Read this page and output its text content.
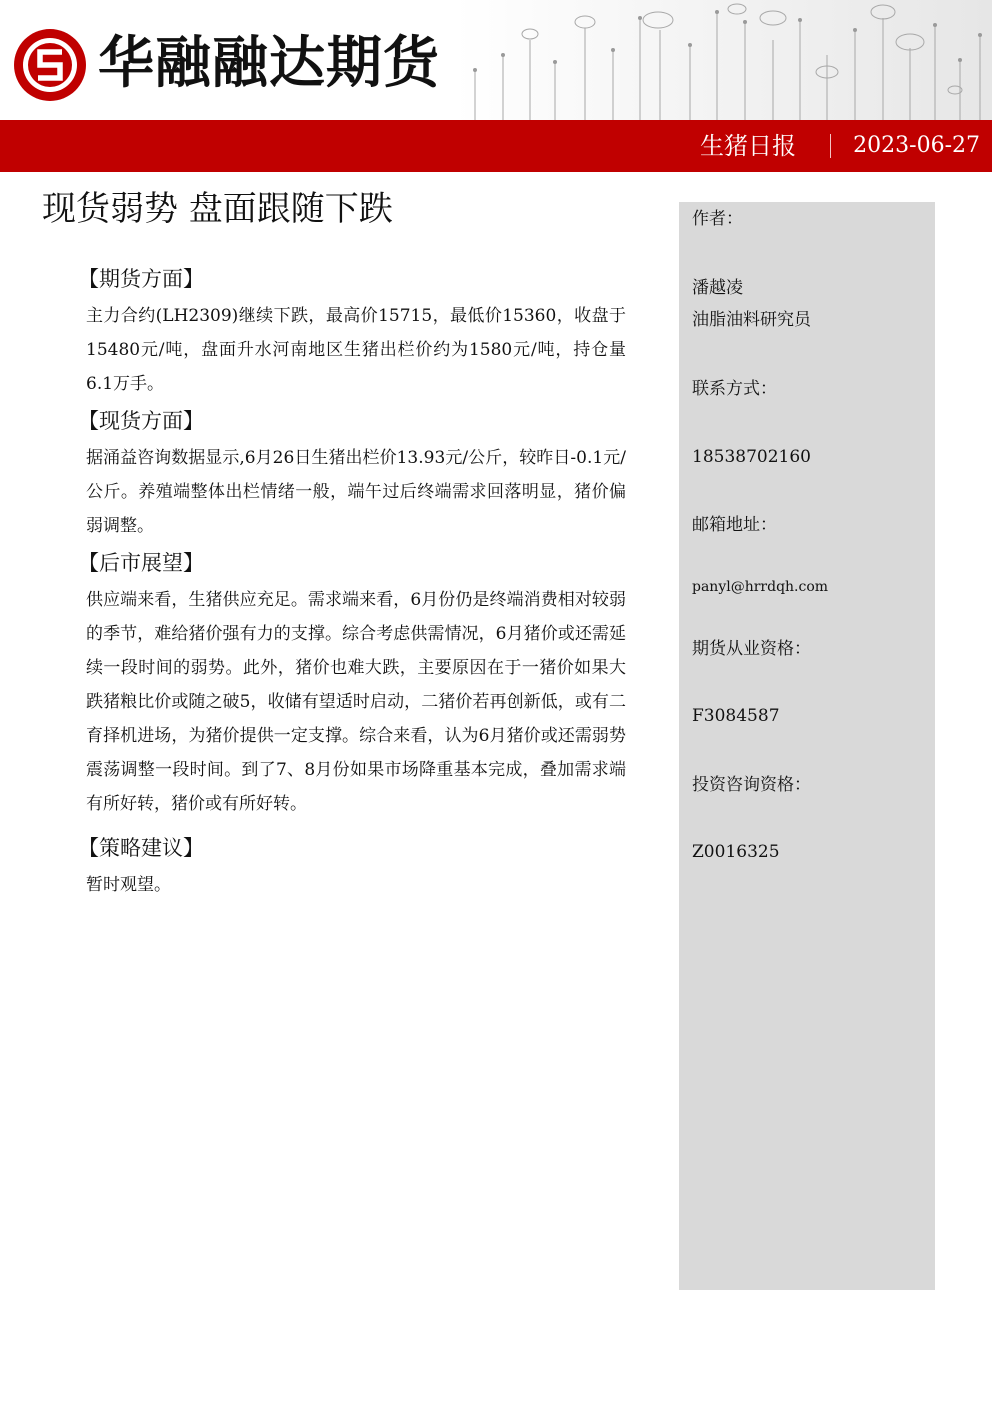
华融融达期货
生猪日报	2023-06-27
现货弱势 盘面跟随下跌
【期货方面】

主力合约(LH2309)继续下跌，最高价15715，最低价15360，收盘于15480元/吨，盘面升水河南地区生猪出栏价约为1580元/吨，持仓量6.1万手。

【现货方面】

据涌益咨询数据显示,6月26日生猪出栏价13.93元/公斤，较昨日-0.1元/公斤。养殖端整体出栏情绪一般，端午过后终端需求回落明显，猪价偏弱调整。

【后市展望】

供应端来看，生猪供应充足。需求端来看，6月份仍是终端消费相对较弱的季节，难给猪价强有力的支撑。综合考虑供需情况，6月猪价或还需延续一段时间的弱势。此外，猪价也难大跌，主要原因在于一猪价如果大跌猪粮比价或随之破5，收储有望适时启动，二猪价若再创新低，或有二育择机进场，为猪价提供一定支撑。综合来看，认为6月猪价或还需弱势震荡调整一段时间。到了7、8月份如果市场降重基本完成，叠加需求端有所好转，猪价或有所好转。

【策略建议】

暂时观望。

作者：
潘越凌
油脂油料研究员
联系方式：
18538702160
邮箱地址：
panyl@hrrdqh.com
期货从业资格：
F3084587
投资咨询资格：
Z0016325
